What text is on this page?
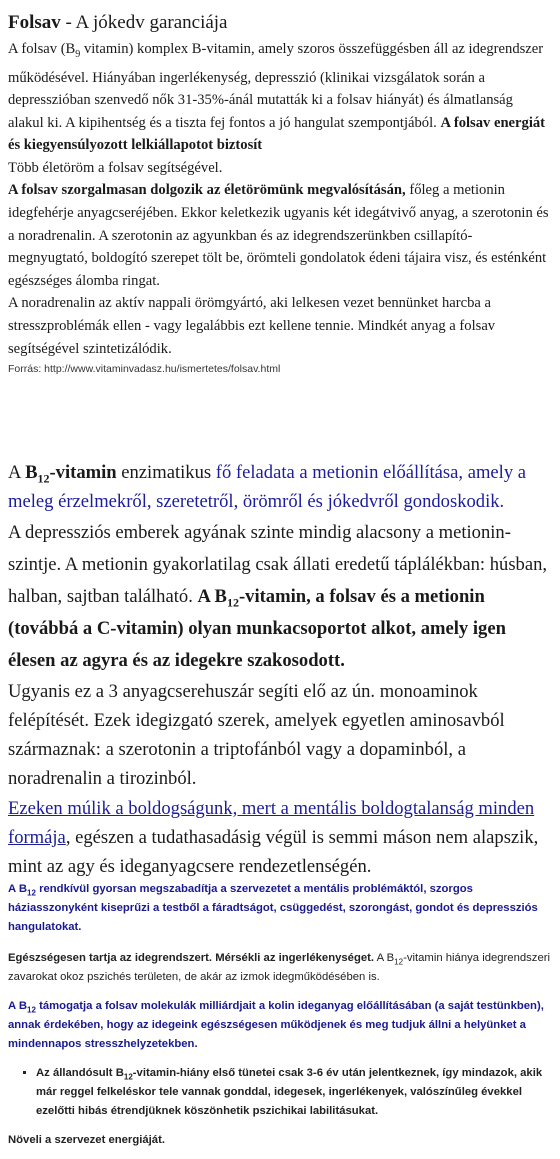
Folsav - A jókedv garanciája

A folsav ($B_9$ vitamin) komplex B-vitamin, amely szoros összefüggésben áll az idegrendszer működésével. Hiányában ingerlékenység, depresszió (klinikai vizsgálatok során a depresszióban szenvedő nők 31-35%-ánál mutatták ki a folsav hiányát) és álmatlanság alakul ki. A kipihentség és a tiszta fej fontos a jó hangulat szempontjából. A folsav energiát és kiegyensúlyozott lelkiállapotot biztosít

Több életöröm a folsav segítségével.

A folsav szorgalmasan dolgozik az életörömünk megvalósításán, főleg a metionin idegfehérje anyagcseréjében. Ekkor keletkezik ugyanis két idegátvivő anyag, a szerotonin és a noradrenalin. A szerotonin az agyunkban és az idegrendszerünkben csillapító-megnyugtató, boldogító szerepet tölt be, örömteli gondolatok édeni tájaira visz, és esténként egészséges álomba ringat.

A noradrenalin az aktív nappali örömgyártó, aki lelkesen vezet bennünket harcba a stresszproblémák ellen - vagy legalábbis ezt kellene tennie. Mindkét anyag a folsav segítségével szintetizálódik.

Forrás: http://www.vitaminvadasz.hu/ismertetes/folsav.html

A $B_{12}$-vitamin enzimatikus fő feladata a metionin előállítása, amely a meleg érzelmekről, szeretetről, örömről és jókedvről gondoskodik.

A depressziós emberek agyának szinte mindig alacsony a metionin-szintje. A metionin gyakorlatilag csak állati eredetű táplálékban: húsban, halban, sajtban található. A $B_{12}$-vitamin, a folsav és a metionin (továbbá a C-vitamin) olyan munkacsoportot alkot, amely igen élesen az agyra és az idegekre szakosodott.

Ugyanis ez a 3 anyagcserehuszár segíti elő az ún. monoaminok felépítését. Ezek idegizgató szerek, amelyek egyetlen aminosavból származnak: a szerotonin a triptofánból vagy a dopaminból, a noradrenalin a tirozinból.

Ezeken múlik a boldogságunk, mert a mentális boldogtalanság minden formája, egészen a tudathasadásig végül is semmi máson nem alapszik, mint az agy és ideganyagcsere rendezetlenségén.

A $B_{12}$ rendkívül gyorsan megszabadítja a szervezetet a mentális problémáktól, szorgos háziasszonyként kiseprűzi a testből a fáradtságot, csüggedést, szorongást, gondot és depressziós hangulatokat.
Egészségesen tartja az idegrendszert. Mérsékli az ingerlékenységet. A $B_{12}$-vitamin hiánya idegrendszeri zavarokat okoz pszichés területen, de akár az izmok idegműködésében is.
A $B_{12}$ támogatja a folsav molekulák milliárdjait a kolin ideganyag előállításában (a saját testünkben), annak érdekében, hogy az idegeink egészségesen működjenek és meg tudjuk állni a helyünket a mindennapos stresszhelyzetekben.
▪ Az állandósult $B_{12}-vitamin$-hiány első tünetei csak 3-6 év után jelentkeznek, így mindazok, akik már reggel felkeléskor tele vannak gonddal, idegesek, ingerlékenyek, valószínűleg évekkel ezelőtti hibás étrendjüknek köszönhetik pszichikai labilitásukat.
Növeli a szervezet energiáját.
